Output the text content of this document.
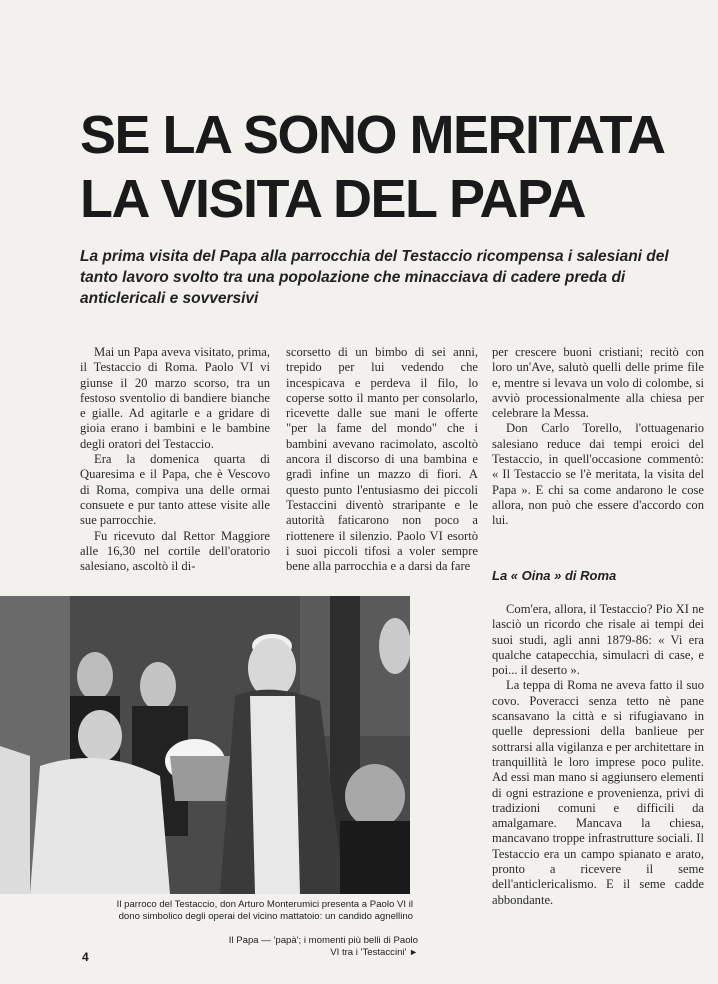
SE LA SONO MERITATA
LA VISITA DEL PAPA
La prima visita del Papa alla parrocchia del Testaccio ricompensa i salesiani del tanto lavoro svolto tra una popolazione che minacciava di cadere preda di anticlericali e sovversivi

Mai un Papa aveva visitato, prima, il Testaccio di Roma. Paolo VI vi giunse il 20 marzo scorso, tra un festoso sventolio di bandiere bianche e gialle. Ad agitarle e a gridare di gioia erano i bambini e le bambine degli oratori del Testaccio.

Era la domenica quarta di Quaresima e il Papa, che è Vescovo di Roma, compiva una delle ormai consuete e pur tanto attese visite alle sue parrocchie.

Fu ricevuto dal Rettor Maggiore alle 16,30 nel cortile dell'oratorio salesiano, ascoltò il di-

scorsetto di un bimbo di sei anni, trepido per lui vedendo che incespicava e perdeva il filo, lo coperse sotto il manto per consolarlo, ricevette dalle sue mani le offerte "per la fame del mondo" che i bambini avevano racimolato, ascoltò ancora il discorso di una bambina e gradì infine un mazzo di fiori. A questo punto l'entusiasmo dei piccoli Testaccini diventò straripante e le autorità faticarono non poco a riottenere il silenzio. Paolo VI esortò i suoi piccoli tifosi a voler sempre bene alla parrocchia e a darsi da fare

per crescere buoni cristiani; recitò con loro un'Ave, salutò quelli delle prime file e, mentre si levava un volo di colombe, si avviò processionalmente alla chiesa per celebrare la Messa.

Don Carlo Torello, l'ottuagenario salesiano reduce dai tempi eroici del Testaccio, in quell'occasione commentò: « Il Testaccio se l'è meritata, la visita del Papa ». E chi sa come andarono le cose allora, non può che essere d'accordo con lui.

La « Oina » di Roma

Com'era, allora, il Testaccio? Pio XI ne lasciò un ricordo che risale ai tempi dei suoi studi, agli anni 1879-86: « Vi era qualche catapecchia, simulacri di case, e poi... il deserto ».

La teppa di Roma ne aveva fatto il suo covo. Poveracci senza tetto nè pane scansavano la città e si rifugiavano in quelle depressioni della banlieue per sottrarsi alla vigilanza e per architettare in tranquillità le loro imprese poco pulite. Ad essi man mano si aggiunsero elementi di ogni estrazione e provenienza, privi di tradizioni comuni e difficili da amalgamare. Mancava la chiesa, mancavano troppe infrastrutture sociali. Il Testaccio era un campo spianato e arato, pronto a ricevere il seme dell'anticlericalismo. E il seme cadde abbondante.

Il parroco del Testaccio, don Arturo Monterumici presenta a Paolo VI il dono simbolico degli operai del vicino mattatoio: un candido agnellino
Il Papa — 'papà'; i momenti più belli di Paolo VI tra i 'Testaccini' ►
4
